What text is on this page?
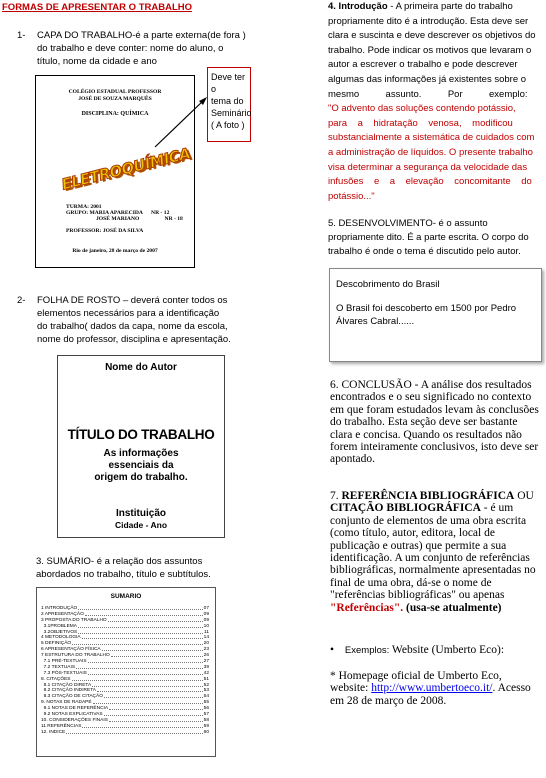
FORMAS DE APRESENTAR O TRABALHO
1-	CAPA DO TRABALHO-é a parte externa(de fora )
do trabalho e deve conter: nome do aluno, o
título, nome da cidade e ano
COLÉGIO ESTADUAL PROFESSOR
JOSÉ DE SOUZA MARQUÊS
DISCIPLINA: QUÍMICA
ELETROQUÍMICA
TURMA: 2001
GRUPO: MARIA APARECIDA      NR - 12
JOSÉ MARIANO                  NR - 18
PROFESSOR: JOSÉ DA SILVA
Rio de janeiro, 28 de março de 2007
Deve ter o
tema do
Seminário
( A foto )
2-	FOLHA DE ROSTO – deverá conter todos os
elementos necessários para a identificação
do trabalho( dados da capa, nome da escola,
nome do professor, disciplina e apresentação.
Nome do Autor
TÍTULO DO TRABALHO
As informações
essenciais da
origem do trabalho.
Instituição
Cidade - Ano
3. SUMÁRIO- é a relação dos assuntos
abordados no trabalho, título e subtítulos.
SUMARIO
1 INTRODUÇÃO	07
2 APRESENTAÇÃO	09
3 PROPOSTA DO TRABALHO	09
3.1PROBLEMA	10
3.2OBJETIVOS	11
4 METODOLOGIA	14
5 DEFINIÇÃO	20
6 APRESENTAÇÃO FÍSICA	23
7 ESTRUTURA DO TRABALHO	26
7.1 PRÉ-TEXTUAIS	27
7.2 TEXTUAIS	39
7.3 PÓS-TEXTUAIS	42
8. CITAÇÕES	51
8.1 CITAÇÃO DIRETA	52
8.2 CITAÇÃO INDIRETA	53
8.3 CITAÇÃO DE CITAÇÃO	54
9. NOTAS DE RADAPÉ	55
9.1 NOTAS DE REFERÊNCIA	56
9.2 NOTAS EXPLICATIVAS	57
10. CONSIDERAÇÕES FINAIS	58
11 REFERÊNCIAS	59
12. INDICE	60
4. Introdução - A primeira parte do trabalho
propriamente dito é a introdução. Esta deve ser
clara e suscinta e deve descrever os objetivos do
trabalho. Pode indicar os motivos que levaram o
autor a escrever o trabalho e pode descrever
algumas das informações já existentes sobre o
mesmo          assunto.          Por          exemplo:
"O advento das soluções contendo potássio,
para    a    hidratação    venosa,    modificou
substancialmente a sistemática de cuidados com
a administração de líquidos. O presente trabalho
visa determinar a segurança da velocidade das
infusões    e    a    elevação    concomitante    do
potássio..."
5. DESENVOLVIMENTO- é o assunto
propriamente dito. É a parte escrita. O corpo do
trabalho é onde o tema é discutido pelo autor.
Descobrimento do Brasil
O Brasil foi descoberto em 1500 por Pedro
Álvares Cabral......
6. CONCLUSÃO - A análise dos resultados
encontrados e o seu significado no contexto
em que foram estudados levam às conclusões
do trabalho. Esta seção deve ser bastante
clara e concisa. Quando os resultados não
forem inteiramente conclusivos, isto deve ser
apontado.
7. REFERÊNCIA BIBLIOGRÁFICA OU
CITAÇÃO BIBLIOGRÁFICA - é um
conjunto de elementos de uma obra escrita
(como título, autor, editora, local de
publicação e outras) que permite a sua
identificação. A um conjunto de referências
bibliográficas, normalmente apresentadas no
final de uma obra, dá-se o nome de
"referências bibliográficas" ou apenas
"Referências". (usa-se atualmente)
• Exemplos: Website (Umberto Eco):
* Homepage oficial de Umberto Eco,
website: http://www.umbertoeco.it/. Acesso
em 28 de março de 2008.
